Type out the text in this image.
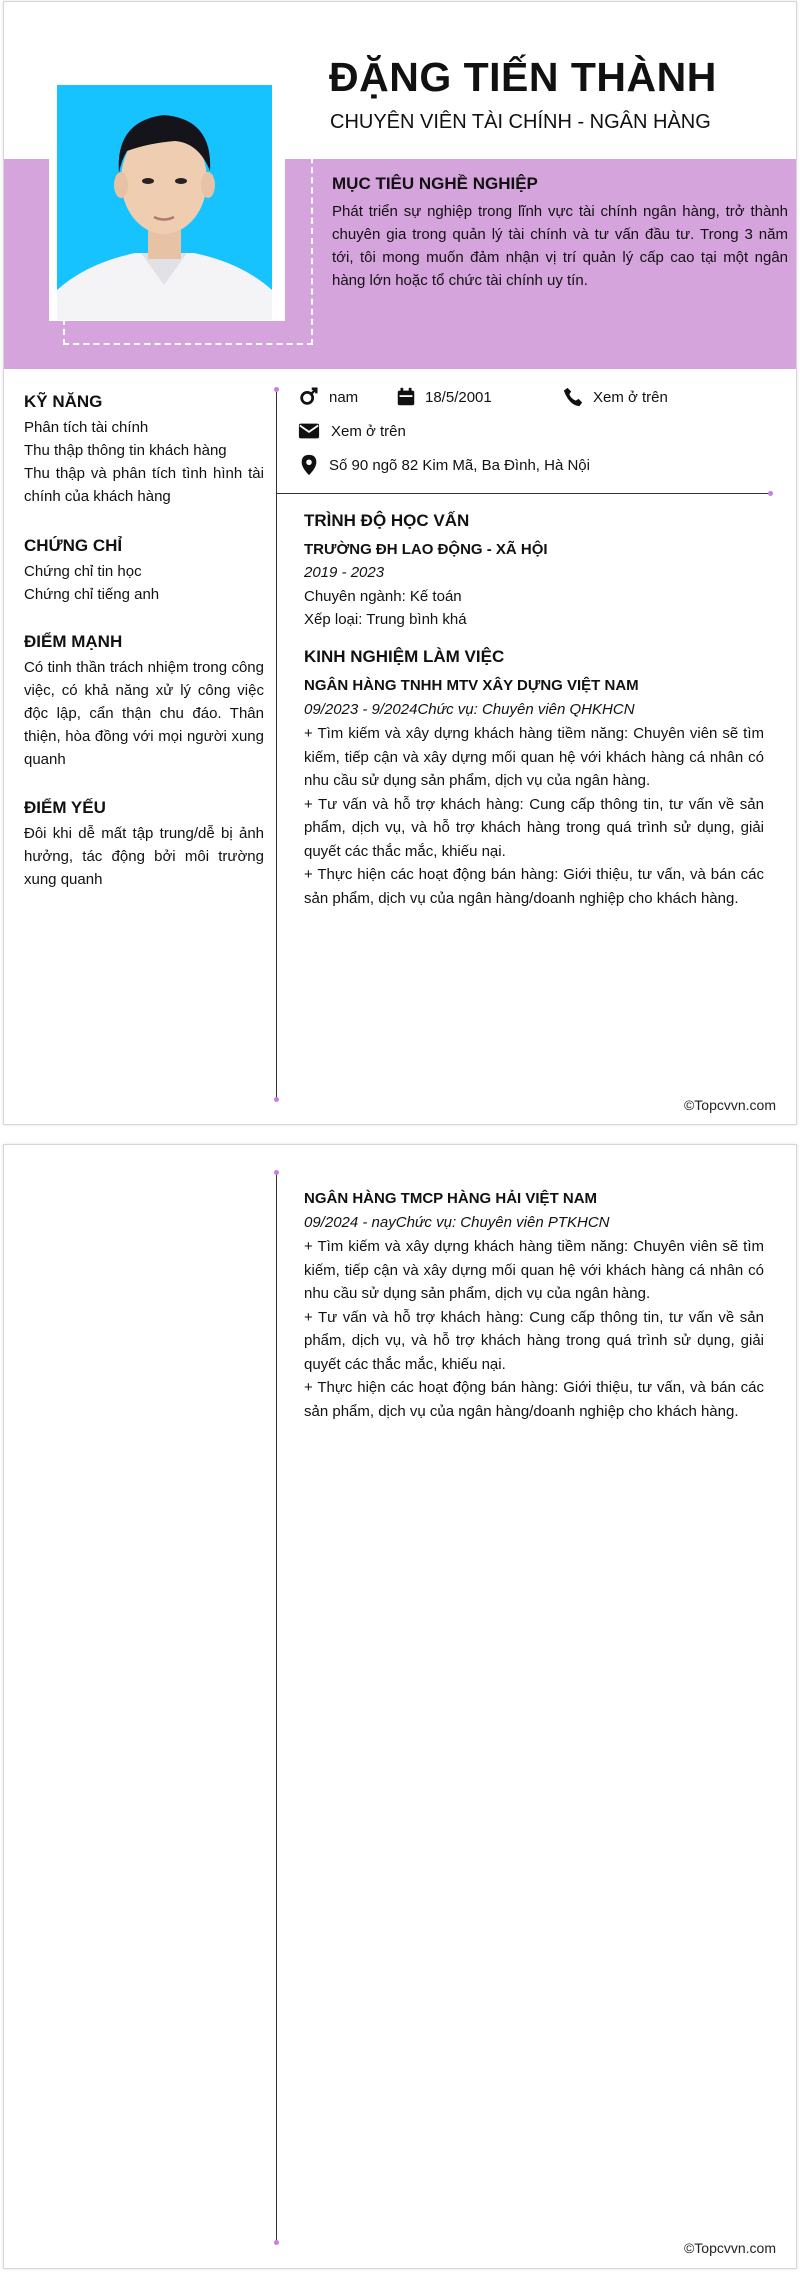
ĐẶNG TIẾN THÀNH
CHUYÊN VIÊN TÀI CHÍNH - NGÂN HÀNG
MỤC TIÊU NGHỀ NGHIỆP
Phát triển sự nghiệp trong lĩnh vực tài chính ngân hàng, trở thành chuyên gia trong quản lý tài chính và tư vấn đầu tư. Trong 3 năm tới, tôi mong muốn đảm nhận vị trí quản lý cấp cao tại một ngân hàng lớn hoặc tổ chức tài chính uy tín.
KỸ NĂNG
Phân tích tài chính
Thu thập thông tin khách hàng
Thu thập và phân tích tình hình tài chính của khách hàng
CHỨNG CHỈ
Chứng chỉ tin học
Chứng chỉ tiếng anh
ĐIỂM MẠNH
Có tinh thần trách nhiệm trong công việc, có khả năng xử lý công việc độc lập, cẩn thận chu đáo. Thân thiện, hòa đồng với mọi người xung quanh
ĐIỂM YẾU
Đôi khi dễ mất tập trung/dễ bị ảnh hưởng, tác động bởi môi trường xung quanh
nam	18/5/2001	Xem ở trên
Xem ở trên
Số 90 ngõ 82 Kim Mã, Ba Đình, Hà Nội
TRÌNH ĐỘ HỌC VẤN
TRƯỜNG ĐH LAO ĐỘNG - XÃ HỘI
2019 - 2023
Chuyên ngành: Kế toán
Xếp loại: Trung bình khá
KINH NGHIỆM LÀM VIỆC
NGÂN HÀNG TNHH MTV XÂY DỰNG VIỆT NAM
09/2023 - 9/2024Chức vụ: Chuyên viên QHKHCN
+ Tìm kiếm và xây dựng khách hàng tiềm năng: Chuyên viên sẽ tìm kiếm, tiếp cận và xây dựng mối quan hệ với khách hàng cá nhân có nhu cầu sử dụng sản phẩm, dịch vụ của ngân hàng.
+ Tư vấn và hỗ trợ khách hàng: Cung cấp thông tin, tư vấn về sản phẩm, dịch vụ, và hỗ trợ khách hàng trong quá trình sử dụng, giải quyết các thắc mắc, khiếu nại.
+ Thực hiện các hoạt động bán hàng: Giới thiệu, tư vấn, và bán các sản phẩm, dịch vụ của ngân hàng/doanh nghiệp cho khách hàng.
©Topcvvn.com
NGÂN HÀNG TMCP HÀNG HẢI VIỆT NAM
09/2024 - nayChức vụ: Chuyên viên PTKHCN
+ Tìm kiếm và xây dựng khách hàng tiềm năng: Chuyên viên sẽ tìm kiếm, tiếp cận và xây dựng mối quan hệ với khách hàng cá nhân có nhu cầu sử dụng sản phẩm, dịch vụ của ngân hàng.
+ Tư vấn và hỗ trợ khách hàng: Cung cấp thông tin, tư vấn về sản phẩm, dịch vụ, và hỗ trợ khách hàng trong quá trình sử dụng, giải quyết các thắc mắc, khiếu nại.
+ Thực hiện các hoạt động bán hàng: Giới thiệu, tư vấn, và bán các sản phẩm, dịch vụ của ngân hàng/doanh nghiệp cho khách hàng.
©Topcvvn.com
